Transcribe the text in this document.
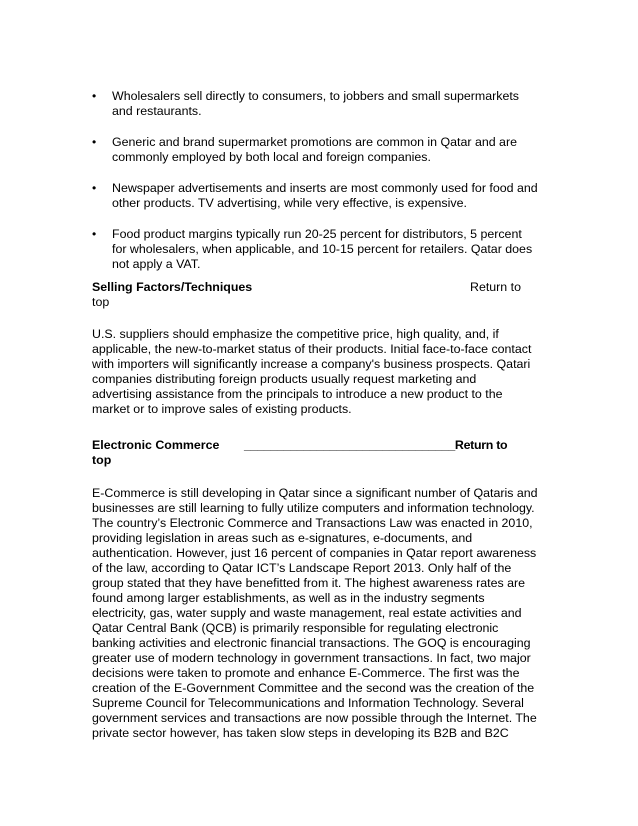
• Wholesalers sell directly to consumers, to jobbers and small supermarkets
and restaurants.
• Generic and brand supermarket promotions are common in Qatar and are
commonly employed by both local and foreign companies.
• Newspaper advertisements and inserts are most commonly used for food and
other products. TV advertising, while very effective, is expensive.
• Food product margins typically run 20-25 percent for distributors, 5 percent
for wholesalers, when applicable, and 10-15 percent for retailers. Qatar does
not apply a VAT.
Selling Factors/Techniques	Return to
top
U.S. suppliers should emphasize the competitive price, high quality, and, if
applicable, the new-to-market status of their products. Initial face-to-face contact
with importers will significantly increase a company's business prospects. Qatari
companies distributing foreign products usually request marketing and
advertising assistance from the principals to introduce a new product to the
market or to improve sales of existing products.
Electronic Commerce ________________________________Return to
top
E-Commerce is still developing in Qatar since a significant number of Qataris and
businesses are still learning to fully utilize computers and information technology.
The country’s Electronic Commerce and Transactions Law was enacted in 2010,
providing legislation in areas such as e-signatures, e-documents, and
authentication. However, just 16 percent of companies in Qatar report awareness
of the law, according to Qatar ICT’s Landscape Report 2013. Only half of the
group stated that they have benefitted from it. The highest awareness rates are
found among larger establishments, as well as in the industry segments
electricity, gas, water supply and waste management, real estate activities and
Qatar Central Bank (QCB) is primarily responsible for regulating electronic
banking activities and electronic financial transactions. The GOQ is encouraging
greater use of modern technology in government transactions. In fact, two major
decisions were taken to promote and enhance E-Commerce. The first was the
creation of the E-Government Committee and the second was the creation of the
Supreme Council for Telecommunications and Information Technology. Several
government services and transactions are now possible through the Internet. The
private sector however, has taken slow steps in developing its B2B and B2C
